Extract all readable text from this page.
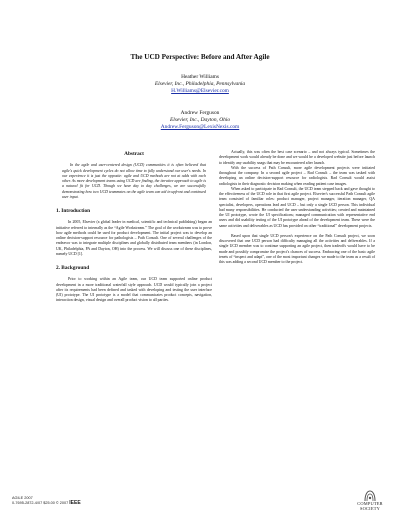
The UCD Perspective: Before and After Agile
Heather Williams
Elsevier, Inc., Philadelphia, Pennsylvania
H.Williams@Elsevier.com
Andrew Ferguson
Elsevier, Inc., Dayton, Ohio
Andrew.Ferguson@LexisNexis.com
Abstract

In the agile and user-centered design (UCD) communities it is often believed that agile's quick development cycles do not allow time to fully understand our user's needs. In our experience it is just the opposite: agile and UCD methods are not at odds with each other. As more development teams using UCD are finding, the iterative approach to agile is a natural fit for UCD. Though we have day to day challenges, we are successfully demonstrating how two UCD teammates on the agile team can aid in upfront and continued user input.

1. Introduction

In 2005, Elsevier (a global leader in medical, scientific and technical publishing) began an initiative referred to internally as the “Agile Workstream.” The goal of the workstream was to prove how agile methods could be used for product development. The initial project was to develop an online decision-support resource for pathologists – Path Consult. One of several challenges of the endeavor was to integrate multiple disciplines and globally distributed team members (in London, UK, Philadelphia, PA and Dayton, OH) into the process. We will discuss one of these disciplines, namely UCD [1].

2. Background

Prior to working within an Agile team, our UCD team supported online product development in a more traditional waterfall style approach. UCD would typically join a project after its requirements had been defined and tasked with developing and testing the user interface (UI) prototype. The UI prototype is a model that communicates product concepts, navigation, interaction design, visual design and overall product vision to all parties.

Actually, this was often the best case scenario – and not always typical. Sometimes the development work would already be done and we would be a developed website just before launch to identify any usability snags that may be encountered after launch.

With the success of Path Consult, more agile development projects were initiated throughout the company. In a second agile project – Rad Consult – the team was tasked with developing an online decision-support resource for radiologists. Rad Consult would assist radiologists in their diagnostic decision making when reading patient case images.

When asked to participate in Rad Consult, the UCD team stepped back and gave thought to the effectiveness of the UCD role in that first agile project. Elsevier's successful Path Consult agile team consisted of familiar roles: product manager, project manager, iteration manager, QA specialist, developers, operations lead and UCD – but only a single UCD person. This individual had many responsibilities. He conducted the user understanding activities; created and maintained the UI prototype, wrote the UI specifications; managed communication with representative end users and did usability testing of the UI prototype ahead of the development team. These were the same activities and deliverables as UCD has provided on other “traditional” development projects.

Based upon that single UCD person's experience on the Path Consult project, we soon discovered that one UCD person had difficulty managing all the activities and deliverables. If a single UCD member was to continue supporting an agile project, then tradeoffs would have to be made and possibly compromise the project's chances of success. Embracing one of the basic agile tenets of “inspect and adapt”, one of the most important changes we made to the team as a result of this was adding a second UCD member to the project.

AGILE 2007
0-7695-2872-4/07 $25.00 © 2007 IEEE	COMPUTER
SOCIETY
